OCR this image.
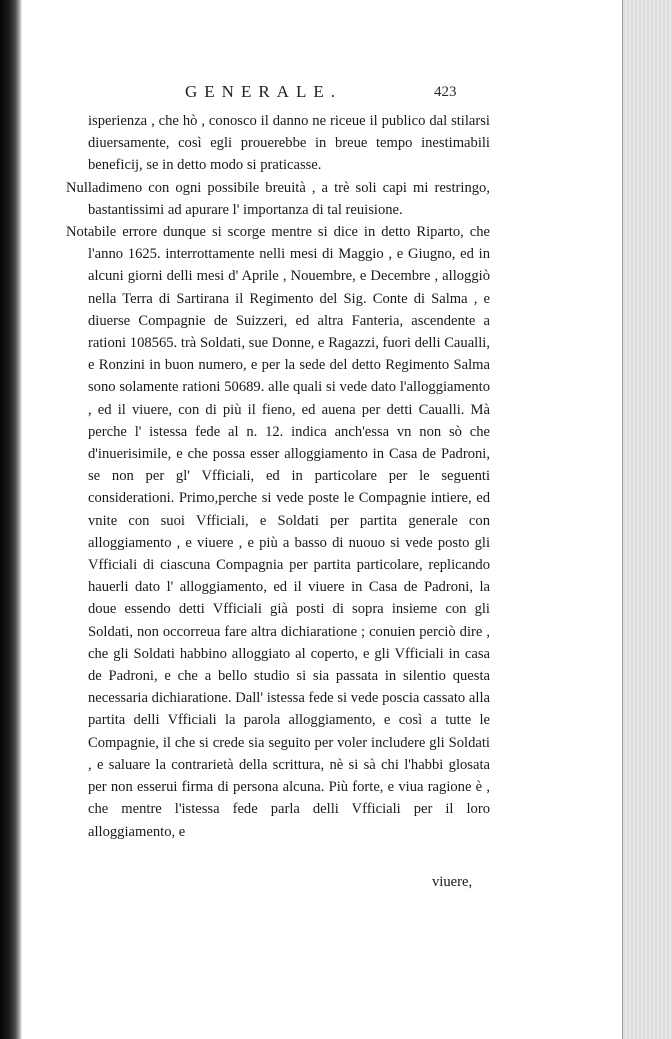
GENERALE.	423

isperienza , che hò , conosco il danno ne riceue il publico dal stilarsi diuersamente, così egli prouerebbe in breue tempo inestimabili beneficij, se in detto modo si praticasse.

Nulladimeno con ogni possibile breuità , a trè soli capi mi restringo, bastantissimi ad apurare l' importanza di tal reuisione.

Notabile errore dunque si scorge mentre si dice in detto Riparto, che l'anno 1625. interrottamente nelli mesi di Maggio , e Giugno, ed in alcuni giorni delli mesi d' Aprile , Nouembre, e Decembre , alloggiò nella Terra di Sartirana il Regimento del Sig. Conte di Salma , e diuerse Compagnie de Suizzeri, ed altra Fanteria, ascendente a rationi 108565. trà Soldati, sue Donne, e Ragazzi, fuori delli Caualli, e Ronzini in buon numero, e per la sede del detto Regimento Salma sono solamente rationi 50689. alle quali si vede dato l'alloggiamento , ed il viuere, con di più il fieno, ed auena per detti Caualli. Mà perche l' istessa fede al n. 12. indica anch'essa vn non sò che d'inuerisimile, e che possa esser alloggiamento in Casa de Padroni, se non per gl' Vfficiali, ed in particolare per le seguenti considerationi. Primo,perche si vede poste le Compagnie intiere, ed vnite con suoi Vfficiali, e Soldati per partita generale con alloggiamento , e viuere , e più a basso di nuouo si vede posto gli Vfficiali di ciascuna Compagnia per partita particolare, replicando hauerli dato l' alloggiamento, ed il viuere in Casa de Padroni, la doue essendo detti Vfficiali già posti di sopra insieme con gli Soldati, non occorreua fare altra dichiaratione ; conuien perciò dire , che gli Soldati habbino alloggiato al coperto, e gli Vfficiali in casa de Padroni, e che a bello studio si sia passata in silentio questa necessaria dichiaratione. Dall' istessa fede si vede poscia cassato alla partita delli Vfficiali la parola alloggiamento, e così a tutte le Compagnie, il che si crede sia seguito per voler includere gli Soldati , e saluare la contrarietà della scrittura, nè si sà chi l'habbi glosata per non esserui firma di persona alcuna. Più forte, e viua ragione è , che mentre l'istessa fede parla delli Vfficiali per il loro alloggiamento, e

viuere,
